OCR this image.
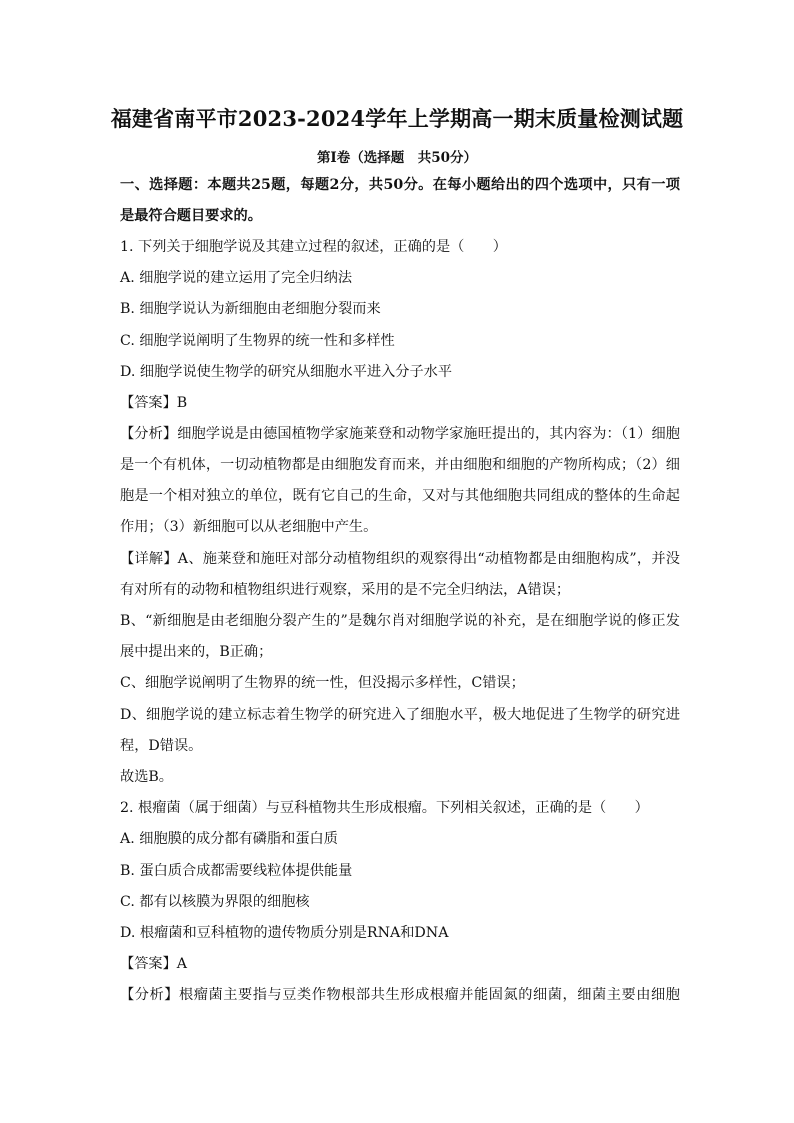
福建省南平市2023-2024学年上学期高一期末质量检测试题
第Ⅰ卷（选择题　共50分）
一、选择题：本题共25题，每题2分，共50分。在每小题给出的四个选项中，只有一项
是最符合题目要求的。
1. 下列关于细胞学说及其建立过程的叙述，正确的是（　　）
A. 细胞学说的建立运用了完全归纳法
B. 细胞学说认为新细胞由老细胞分裂而来
C. 细胞学说阐明了生物界的统一性和多样性
D. 细胞学说使生物学的研究从细胞水平进入分子水平
【答案】B
【分析】细胞学说是由德国植物学家施莱登和动物学家施旺提出的，其内容为：（1）细胞
是一个有机体，一切动植物都是由细胞发育而来，并由细胞和细胞的产物所构成；（2）细
胞是一个相对独立的单位，既有它自己的生命，又对与其他细胞共同组成的整体的生命起
作用；（3）新细胞可以从老细胞中产生。
【详解】A、施莱登和施旺对部分动植物组织的观察得出“动植物都是由细胞构成”，并没
有对所有的动物和植物组织进行观察，采用的是不完全归纳法，A错误；
B、“新细胞是由老细胞分裂产生的”是魏尔肖对细胞学说的补充，是在细胞学说的修正发
展中提出来的，B正确；
C、细胞学说阐明了生物界的统一性，但没揭示多样性，C错误；
D、细胞学说的建立标志着生物学的研究进入了细胞水平，极大地促进了生物学的研究进
程，D错误。
故选B。
2. 根瘤菌（属于细菌）与豆科植物共生形成根瘤。下列相关叙述，正确的是（　　）
A. 细胞膜的成分都有磷脂和蛋白质
B. 蛋白质合成都需要线粒体提供能量
C. 都有以核膜为界限的细胞核
D. 根瘤菌和豆科植物的遗传物质分别是RNA和DNA
【答案】A
【分析】根瘤菌主要指与豆类作物根部共生形成根瘤并能固氮的细菌，细菌主要由细胞
